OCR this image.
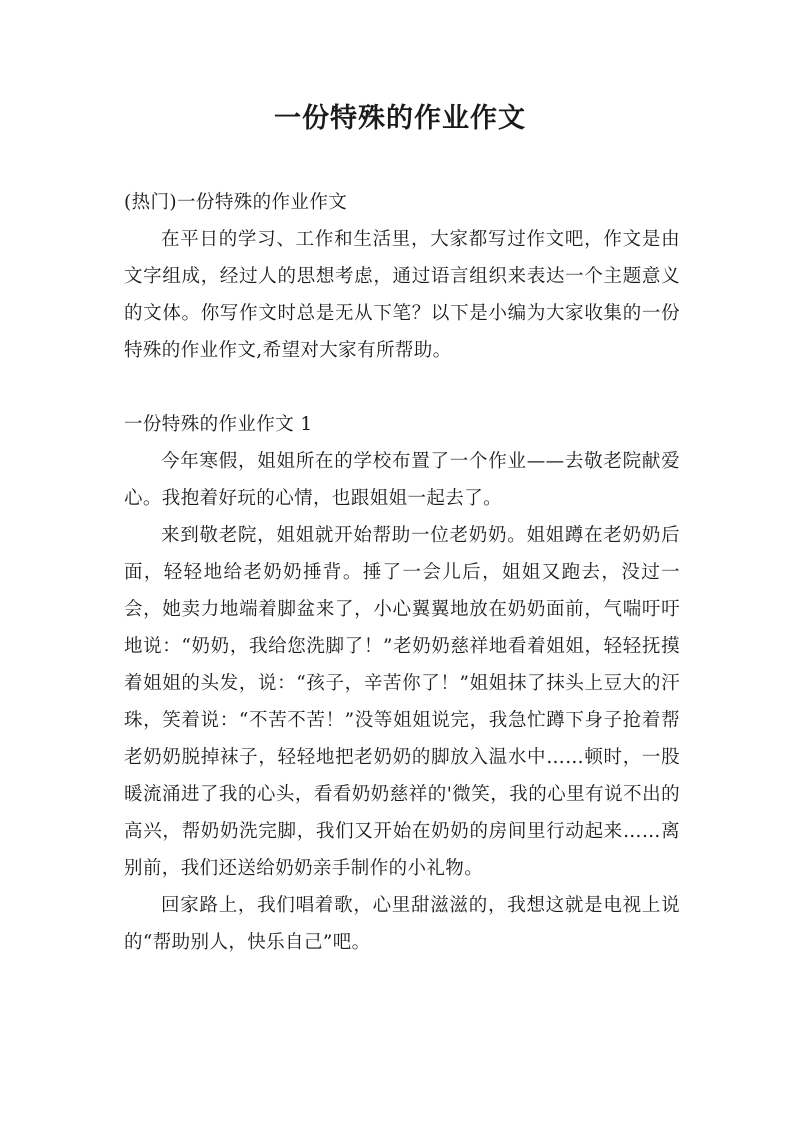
一份特殊的作业作文

(热门)一份特殊的作业作文

在平日的学习、工作和生活里，大家都写过作文吧，作文是由文字组成，经过人的思想考虑，通过语言组织来表达一个主题意义的文体。你写作文时总是无从下笔？以下是小编为大家收集的一份特殊的作业作文,希望对大家有所帮助。

一份特殊的作业作文 1

今年寒假，姐姐所在的学校布置了一个作业——去敬老院献爱心。我抱着好玩的心情，也跟姐姐一起去了。

来到敬老院，姐姐就开始帮助一位老奶奶。姐姐蹲在老奶奶后面，轻轻地给老奶奶捶背。捶了一会儿后，姐姐又跑去，没过一会，她卖力地端着脚盆来了，小心翼翼地放在奶奶面前，气喘吁吁地说：“奶奶，我给您洗脚了！”老奶奶慈祥地看着姐姐，轻轻抚摸着姐姐的头发，说：“孩子，辛苦你了！”姐姐抹了抹头上豆大的汗珠，笑着说：“不苦不苦！”没等姐姐说完，我急忙蹲下身子抢着帮老奶奶脱掉袜子，轻轻地把老奶奶的脚放入温水中……顿时，一股暖流涌进了我的心头，看看奶奶慈祥的'微笑，我的心里有说不出的高兴，帮奶奶洗完脚，我们又开始在奶奶的房间里行动起来……离别前，我们还送给奶奶亲手制作的小礼物。

回家路上，我们唱着歌，心里甜滋滋的，我想这就是电视上说的“帮助别人，快乐自己”吧。
